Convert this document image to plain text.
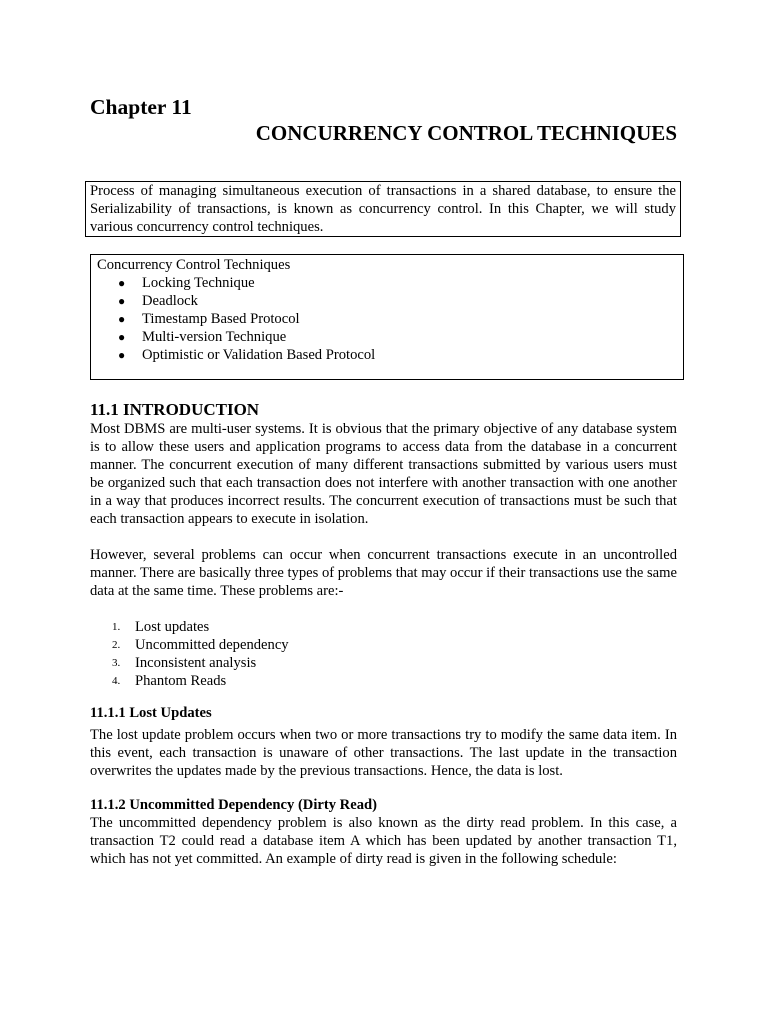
Chapter 11
CONCURRENCY CONTROL TECHNIQUES

Process of managing simultaneous execution of transactions in a shared database, to ensure the Serializability of transactions, is known as concurrency control. In this Chapter, we will study various concurrency control techniques.

Concurrency Control Techniques

● Locking Technique
● Deadlock
● Timestamp Based Protocol
● Multi-version Technique
● Optimistic or Validation Based Protocol
11.1 INTRODUCTION

Most DBMS are multi-user systems. It is obvious that the primary objective of any database system is to allow these users and application programs to access data from the database in a concurrent manner. The concurrent execution of many different transactions submitted by various users must be organized such that each transaction does not interfere with another transaction with one another in a way that produces incorrect results. The concurrent execution of transactions must be such that each transaction appears to execute in isolation.

However, several problems can occur when concurrent transactions execute in an uncontrolled manner. There are basically three types of problems that may occur if their transactions use the same data at the same time. These problems are:-

1. Lost updates
2. Uncommitted dependency
3. Inconsistent analysis
4. Phantom Reads
11.1.1 Lost Updates

The lost update problem occurs when two or more transactions try to modify the same data item. In this event, each transaction is unaware of other transactions. The last update in the transaction overwrites the updates made by the previous transactions. Hence, the data is lost.

11.1.2 Uncommitted Dependency (Dirty Read)

The uncommitted dependency problem is also known as the dirty read problem. In this case, a transaction T2 could read a database item A which has been updated by another transaction T1, which has not yet committed. An example of dirty read is given in the following schedule:
